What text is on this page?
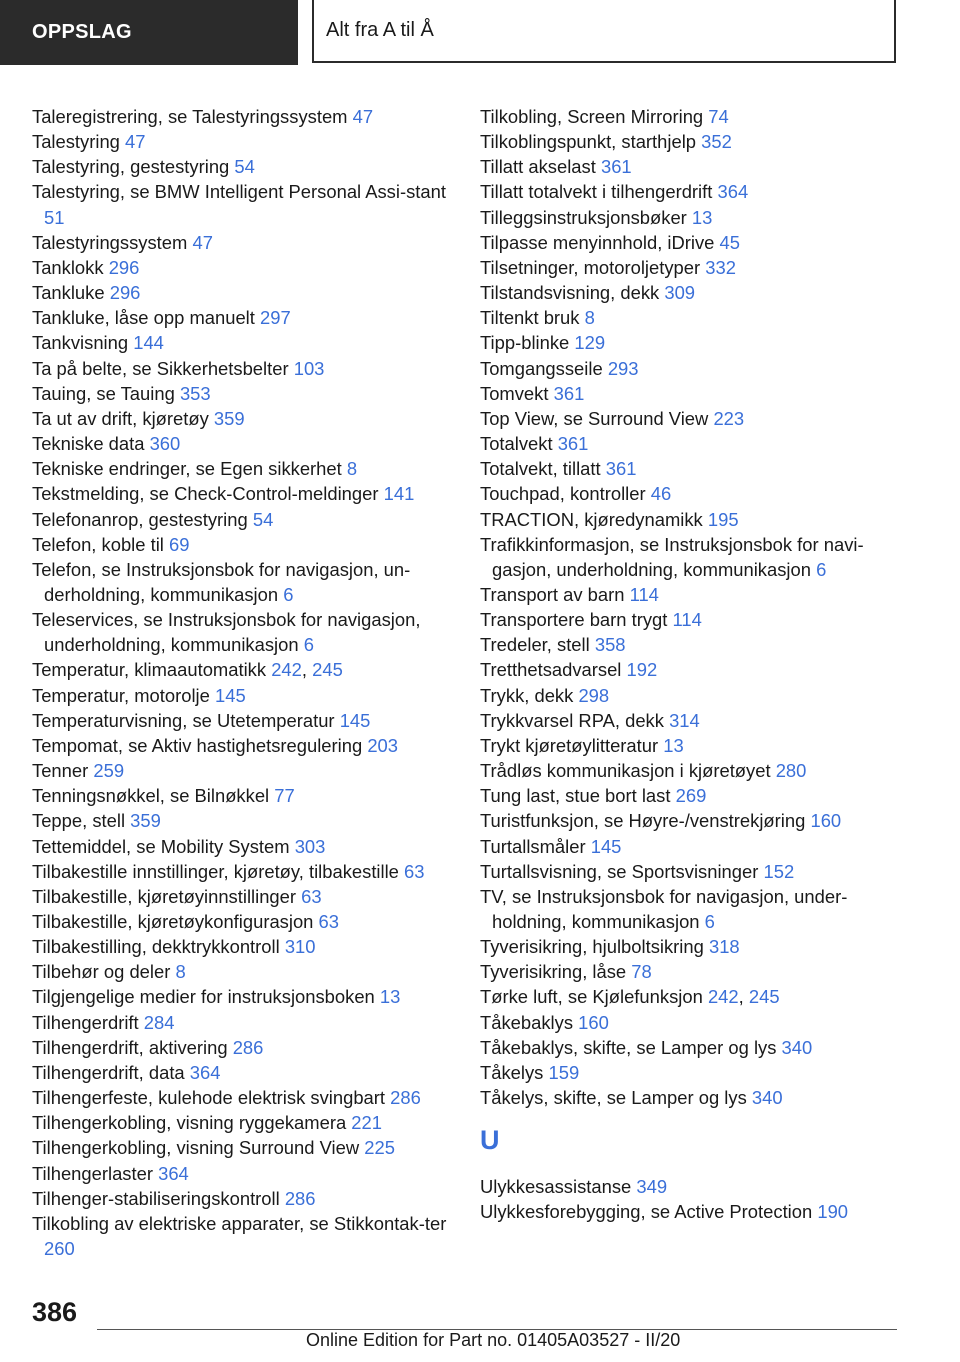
OPPSLAG	Alt fra A til Å
Taleregistrering, se Talestyringssystem 47
Talestyring 47
Talestyring, gestestyring 54
Talestyring, se BMW Intelligent Personal Assi‐stant 51
Talestyringssystem 47
Tanklokk 296
Tankluke 296
Tankluke, låse opp manuelt 297
Tankvisning 144
Ta på belte, se Sikkerhetsbelter 103
Tauing, se Tauing 353
Ta ut av drift, kjøretøy 359
Tekniske data 360
Tekniske endringer, se Egen sikkerhet 8
Tekstmelding, se Check-Control-meldinger 141
Telefonanrop, gestestyring 54
Telefon, koble til 69
Telefon, se Instruksjonsbok for navigasjon, un‐derholdning, kommunikasjon 6
Teleservices, se Instruksjonsbok for navigasjon, underholdning, kommunikasjon 6
Temperatur, klimaautomatikk 242, 245
Temperatur, motorolje 145
Temperaturvisning, se Utetemperatur 145
Tempomat, se Aktiv hastighetsregulering 203
Tenner 259
Tenningsnøkkel, se Bilnøkkel 77
Teppe, stell 359
Tettemiddel, se Mobility System 303
Tilbakestille innstillinger, kjøretøy, tilbakestille 63
Tilbakestille, kjøretøyinnstillinger 63
Tilbakestille, kjøretøykonfigurasjon 63
Tilbakestilling, dekktrykkontroll 310
Tilbehør og deler 8
Tilgjengelige medier for instruksjonsboken 13
Tilhengerdrift 284
Tilhengerdrift, aktivering 286
Tilhengerdrift, data 364
Tilhengerfeste, kulehode elektrisk svingbart 286
Tilhengerkobling, visning ryggekamera 221
Tilhengerkobling, visning Surround View 225
Tilhengerlaster 364
Tilhenger-stabiliseringskontroll 286
Tilkobling av elektriske apparater, se Stikkontak‐ter 260
Tilkobling, Screen Mirroring 74
Tilkoblingspunkt, starthjelp 352
Tillatt akselast 361
Tillatt totalvekt i tilhengerdrift 364
Tilleggsinstruksjonsbøker 13
Tilpasse menyinnhold, iDrive 45
Tilsetninger, motoroljetyper 332
Tilstandsvisning, dekk 309
Tiltenkt bruk 8
Tipp-blinke 129
Tomgangsseile 293
Tomvekt 361
Top View, se Surround View 223
Totalvekt 361
Totalvekt, tillatt 361
Touchpad, kontroller 46
TRACTION, kjøredynamikk 195
Trafikkinformasjon, se Instruksjonsbok for navi‐gasjon, underholdning, kommunikasjon 6
Transport av barn 114
Transportere barn trygt 114
Tredeler, stell 358
Tretthetsadvarsel 192
Trykk, dekk 298
Trykkvarsel RPA, dekk 314
Trykt kjøretøylitteratur 13
Trådløs kommunikasjon i kjøretøyet 280
Tung last, stue bort last 269
Turistfunksjon, se Høyre-/venstrekjøring 160
Turtallsmåler 145
Turtallsvisning, se Sportsvisninger 152
TV, se Instruksjonsbok for navigasjon, under‐holdning, kommunikasjon 6
Tyverisikring, hjulboltsikring 318
Tyverisikring, låse 78
Tørke luft, se Kjølefunksjon 242, 245
Tåkebaklys 160
Tåkebaklys, skifte, se Lamper og lys 340
Tåkelys 159
Tåkelys, skifte, se Lamper og lys 340
U
Ulykkesassistanse 349
Ulykkesforebygging, se Active Protection 190
386
Online Edition for Part no. 01405A03527 - II/20
